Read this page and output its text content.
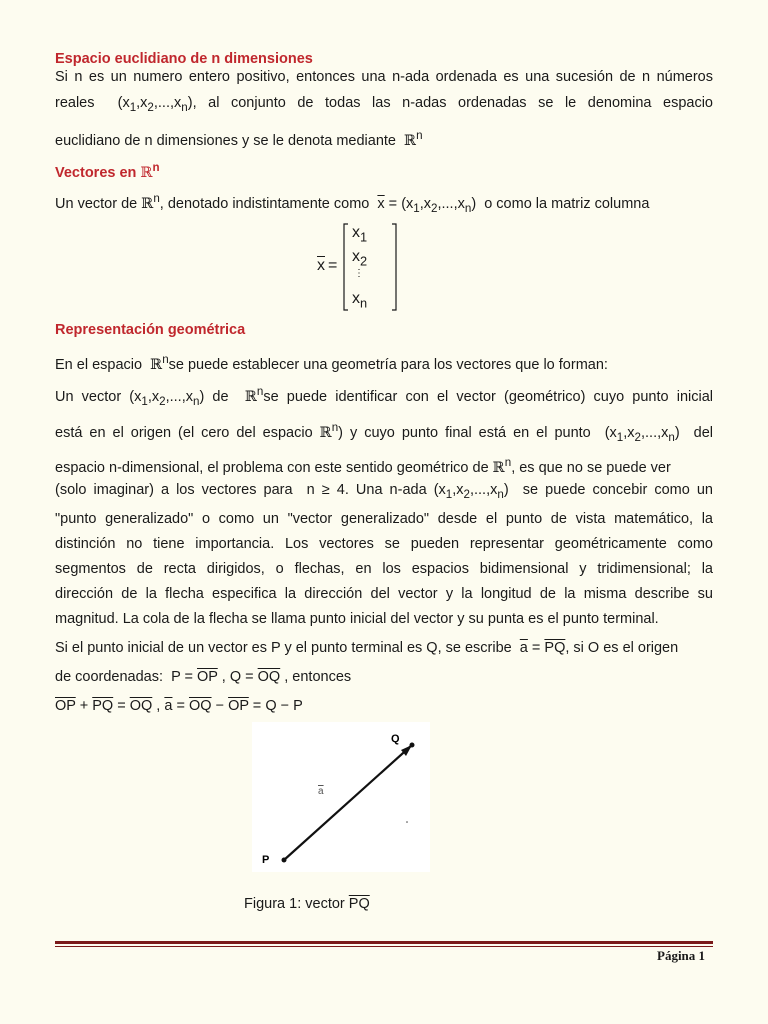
Espacio euclidiano de n dimensiones
Si n es un numero entero positivo, entonces una n-ada ordenada es una sucesión de n números
reales  $(x_1,x_2,...,x_n)$, al conjunto de todas las n-adas ordenadas se le denomina espacio
euclidiano de n dimensiones y se le denota mediante ℝ$^n$
Vectores en ℝ$^n$
Un vector de ℝ$^n$, denotado indistintamente como $\overline{x} = (x_1,x_2,...,x_n)$  o como la matriz columna
$\overline{x}$ =
$x_1$
$x_2$
⋮
$x_n$
Representación geométrica
En el espacio ℝ$^n$se puede establecer una geometría para los vectores que lo forman:
Un vector $(x_1,x_2,...,x_n)$ de ℝ$^n$se puede identificar con el vector (geométrico) cuyo punto inicial
está en el origen (el cero del espacio ℝ$^n$) y cuyo punto final está en el punto  $(x_1,x_2,...,x_n)$  del
espacio n-dimensional, el problema con este sentido geométrico de ℝ$^n$, es que no se puede ver
(solo imaginar) a los vectores para n ≥ 4. Una n-ada $(x_1,x_2,...,x_n)$  se puede concebir como un
"punto generalizado" o como un "vector generalizado" desde el punto de vista matemático, la
distinción no tiene importancia. Los vectores se pueden representar geométricamente como
segmentos de recta dirigidos, o flechas, en los espacios bidimensional y tridimensional; la
dirección de la flecha especifica la dirección del vector y la longitud de la misma describe su
magnitud. La cola de la flecha se llama punto inicial del vector y su punta es el punto terminal.
Si el punto inicial de un vector es P y el punto terminal es Q, se escribe $\overline{a} = \overline{PQ}$, si O es el origen
de coordenadas: $P = \overline{OP}$ , $Q = \overline{OQ}$ , entonces
$\overline{OP} + \overline{PQ} = \overline{OQ}$ , $\overline{a} = \overline{OQ} - \overline{OP} = Q - P$
Q
P
a
Figura 1: vector $\overline{PQ}$
Página 1
